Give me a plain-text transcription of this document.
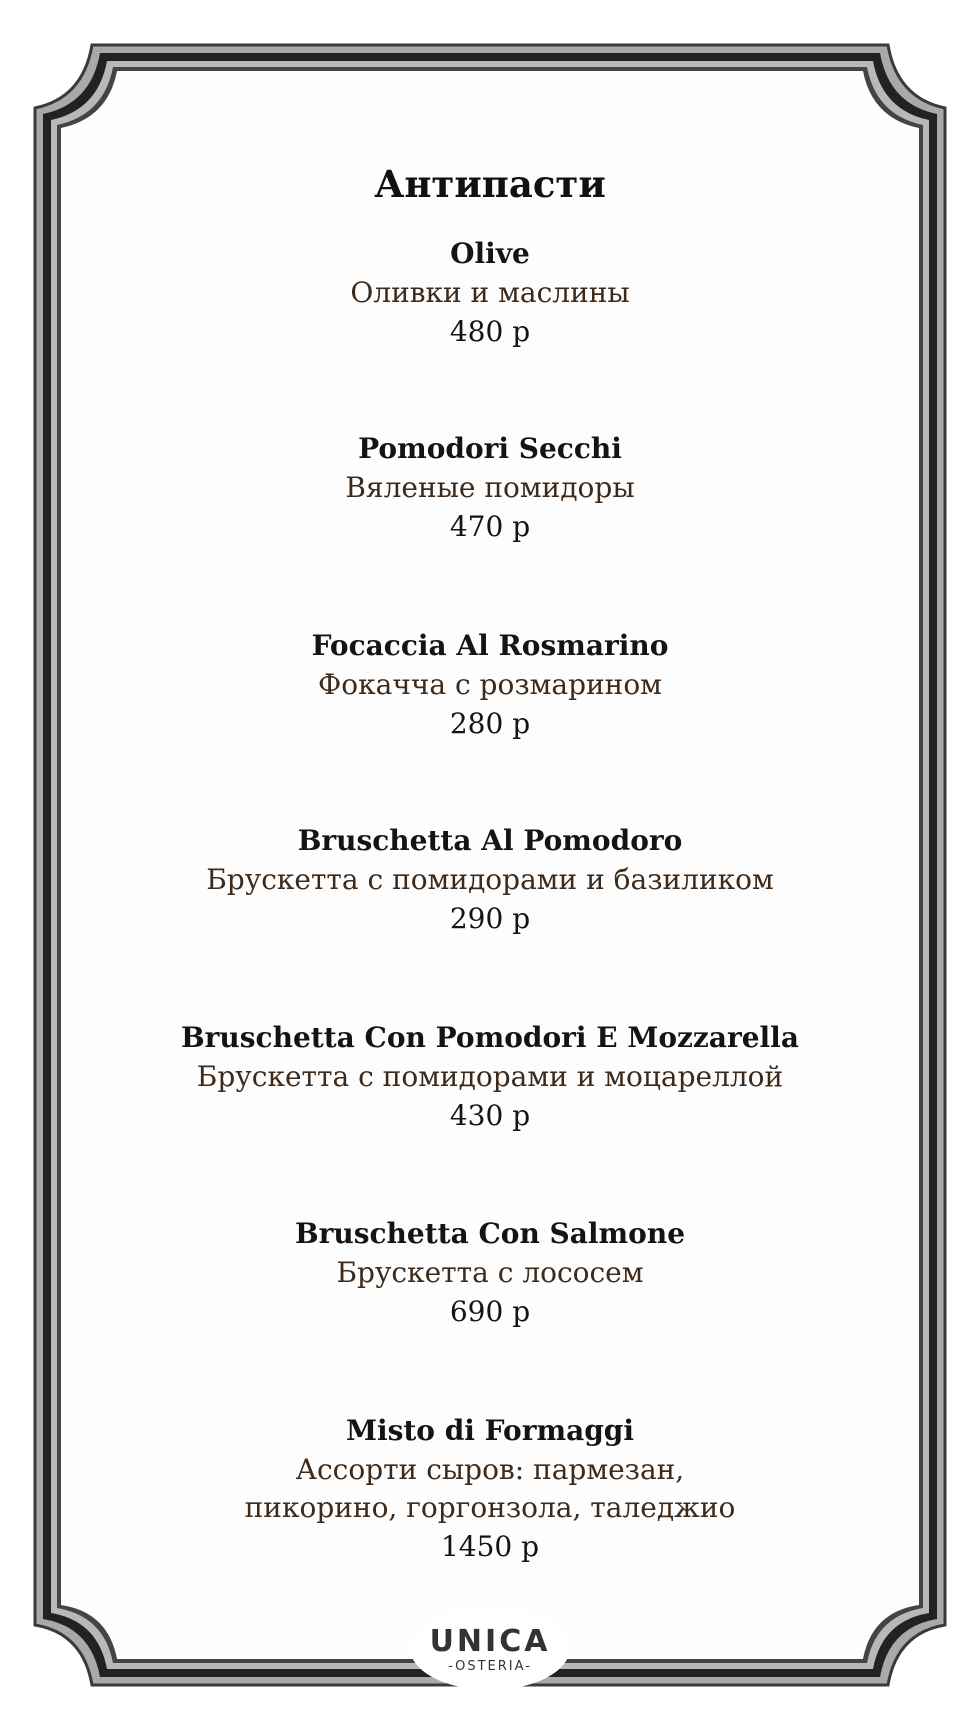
Антипасти
Olive
Оливки и маслины
480 р
Pomodori Secchi
Вяленые помидоры
470 р
Focaccia Al Rosmarino
Фокачча с розмарином
280 р
Bruschetta Al Pomodoro
Брускетта с помидорами и базиликом
290 р
Bruschetta Con Pomodori E Mozzarella
Брускетта с помидорами и моцареллой
430 р
Bruschetta Con Salmone
Брускетта с лососем
690 р
Misto di Formaggi
Ассорти сыров: пармезан,
пикорино, горгонзола, таледжио
1450 р
UNICA
-OSTERIA-
